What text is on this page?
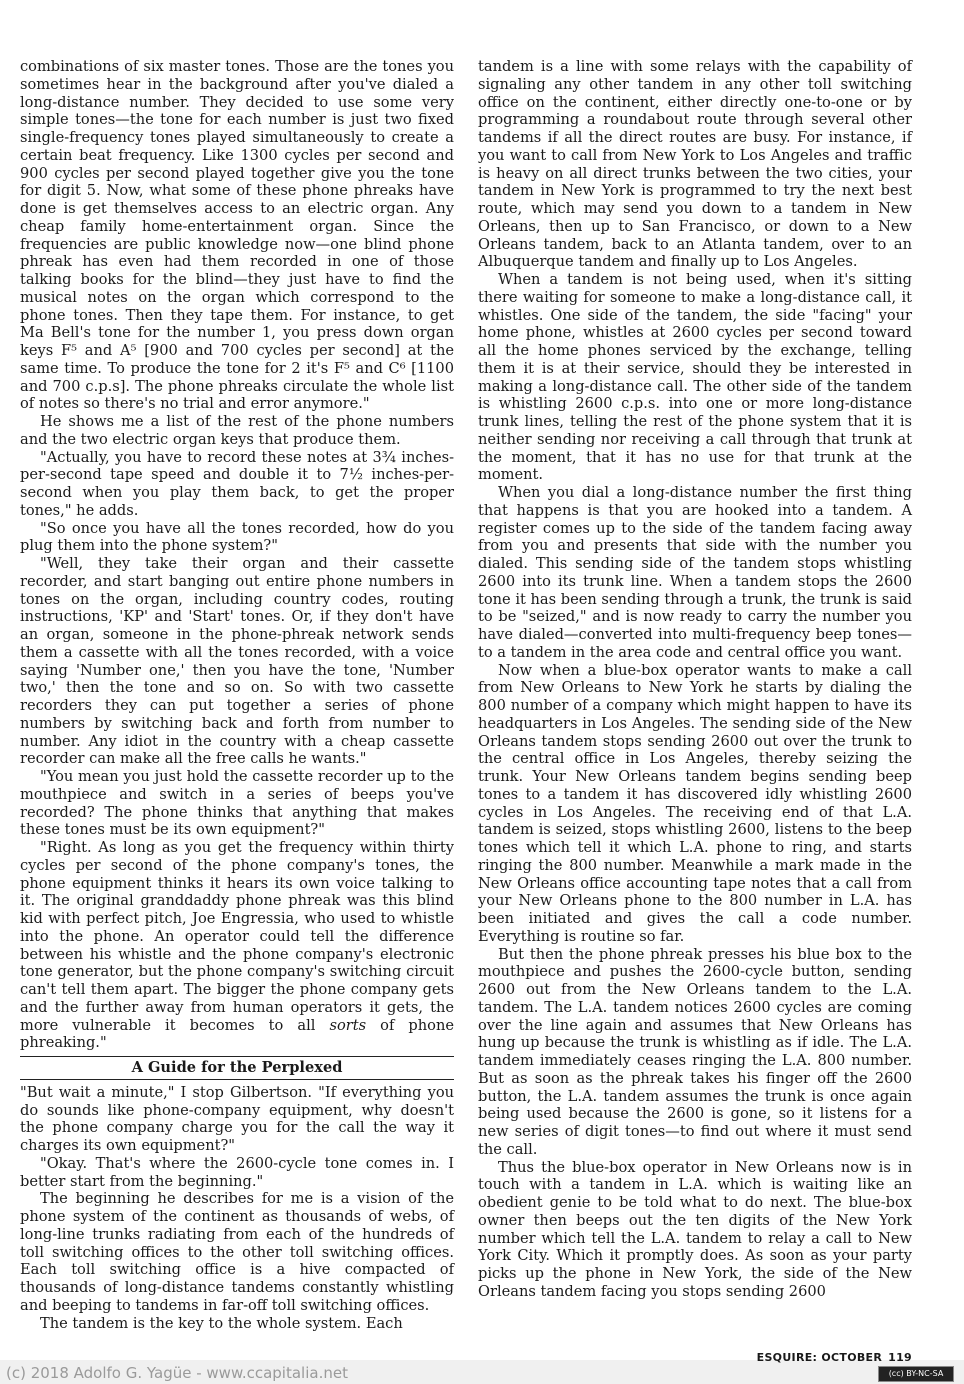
combinations of six master tones. Those are the tones you sometimes hear in the background after you've dialed a long-distance number. They decided to use some very simple tones—the tone for each number is just two fixed single-frequency tones played simultaneously to create a certain beat frequency. Like 1300 cycles per second and 900 cycles per second played together give you the tone for digit 5. Now, what some of these phone phreaks have done is get themselves access to an electric organ. Any cheap family home-entertainment organ. Since the frequencies are public knowledge now—one blind phone phreak has even had them recorded in one of those talking books for the blind—they just have to find the musical notes on the organ which correspond to the phone tones. Then they tape them. For instance, to get Ma Bell's tone for the number 1, you press down organ keys F⁵ and A⁵ [900 and 700 cycles per second] at the same time. To produce the tone for 2 it's F⁵ and C⁶ [1100 and 700 c.p.s]. The phone phreaks circulate the whole list of notes so there's no trial and error anymore."

He shows me a list of the rest of the phone numbers and the two electric organ keys that produce them.

"Actually, you have to record these notes at 3¾ inches-per-second tape speed and double it to 7½ inches-per-second when you play them back, to get the proper tones," he adds.

"So once you have all the tones recorded, how do you plug them into the phone system?"

"Well, they take their organ and their cassette recorder, and start banging out entire phone numbers in tones on the organ, including country codes, routing instructions, 'KP' and 'Start' tones. Or, if they don't have an organ, someone in the phone-phreak network sends them a cassette with all the tones recorded, with a voice saying 'Number one,' then you have the tone, 'Number two,' then the tone and so on. So with two cassette recorders they can put together a series of phone numbers by switching back and forth from number to number. Any idiot in the country with a cheap cassette recorder can make all the free calls he wants."

"You mean you just hold the cassette recorder up to the mouthpiece and switch in a series of beeps you've recorded? The phone thinks that anything that makes these tones must be its own equipment?"

"Right. As long as you get the frequency within thirty cycles per second of the phone company's tones, the phone equipment thinks it hears its own voice talking to it. The original granddaddy phone phreak was this blind kid with perfect pitch, Joe Engressia, who used to whistle into the phone. An operator could tell the difference between his whistle and the phone company's electronic tone generator, but the phone company's switching circuit can't tell them apart. The bigger the phone company gets and the further away from human operators it gets, the more vulnerable it becomes to all sorts of phone phreaking."

A Guide for the Perplexed

"But wait a minute," I stop Gilbertson. "If everything you do sounds like phone-company equipment, why doesn't the phone company charge you for the call the way it charges its own equipment?"

"Okay. That's where the 2600-cycle tone comes in. I better start from the beginning."

The beginning he describes for me is a vision of the phone system of the continent as thousands of webs, of long-line trunks radiating from each of the hundreds of toll switching offices to the other toll switching offices. Each toll switching office is a hive compacted of thousands of long-distance tandems constantly whistling and beeping to tandems in far-off toll switching offices.

The tandem is the key to the whole system. Each

tandem is a line with some relays with the capability of signaling any other tandem in any other toll switching office on the continent, either directly one-to-one or by programming a roundabout route through several other tandems if all the direct routes are busy. For instance, if you want to call from New York to Los Angeles and traffic is heavy on all direct trunks between the two cities, your tandem in New York is programmed to try the next best route, which may send you down to a tandem in New Orleans, then up to San Francisco, or down to a New Orleans tandem, back to an Atlanta tandem, over to an Albuquerque tandem and finally up to Los Angeles.

When a tandem is not being used, when it's sitting there waiting for someone to make a long-distance call, it whistles. One side of the tandem, the side "facing" your home phone, whistles at 2600 cycles per second toward all the home phones serviced by the exchange, telling them it is at their service, should they be interested in making a long-distance call. The other side of the tandem is whistling 2600 c.p.s. into one or more long-distance trunk lines, telling the rest of the phone system that it is neither sending nor receiving a call through that trunk at the moment, that it has no use for that trunk at the moment.

When you dial a long-distance number the first thing that happens is that you are hooked into a tandem. A register comes up to the side of the tandem facing away from you and presents that side with the number you dialed. This sending side of the tandem stops whistling 2600 into its trunk line. When a tandem stops the 2600 tone it has been sending through a trunk, the trunk is said to be "seized," and is now ready to carry the number you have dialed—converted into multi-frequency beep tones—to a tandem in the area code and central office you want.

Now when a blue-box operator wants to make a call from New Orleans to New York he starts by dialing the 800 number of a company which might happen to have its headquarters in Los Angeles. The sending side of the New Orleans tandem stops sending 2600 out over the trunk to the central office in Los Angeles, thereby seizing the trunk. Your New Orleans tandem begins sending beep tones to a tandem it has discovered idly whistling 2600 cycles in Los Angeles. The receiving end of that L.A. tandem is seized, stops whistling 2600, listens to the beep tones which tell it which L.A. phone to ring, and starts ringing the 800 number. Meanwhile a mark made in the New Orleans office accounting tape notes that a call from your New Orleans phone to the 800 number in L.A. has been initiated and gives the call a code number. Everything is routine so far.

But then the phone phreak presses his blue box to the mouthpiece and pushes the 2600-cycle button, sending 2600 out from the New Orleans tandem to the L.A. tandem. The L.A. tandem notices 2600 cycles are coming over the line again and assumes that New Orleans has hung up because the trunk is whistling as if idle. The L.A. tandem immediately ceases ringing the L.A. 800 number. But as soon as the phreak takes his finger off the 2600 button, the L.A. tandem assumes the trunk is once again being used because the 2600 is gone, so it listens for a new series of digit tones—to find out where it must send the call.

Thus the blue-box operator in New Orleans now is in touch with a tandem in L.A. which is waiting like an obedient genie to be told what to do next. The blue-box owner then beeps out the ten digits of the New York number which tell the L.A. tandem to relay a call to New York City. Which it promptly does. As soon as your party picks up the phone in New York, the side of the New Orleans tandem facing you stops sending 2600

ESQUIRE: OCTOBER 119
(c) 2018 Adolfo G. Yagüe - www.ccapitalia.net	(cc) BY-NC-SA
